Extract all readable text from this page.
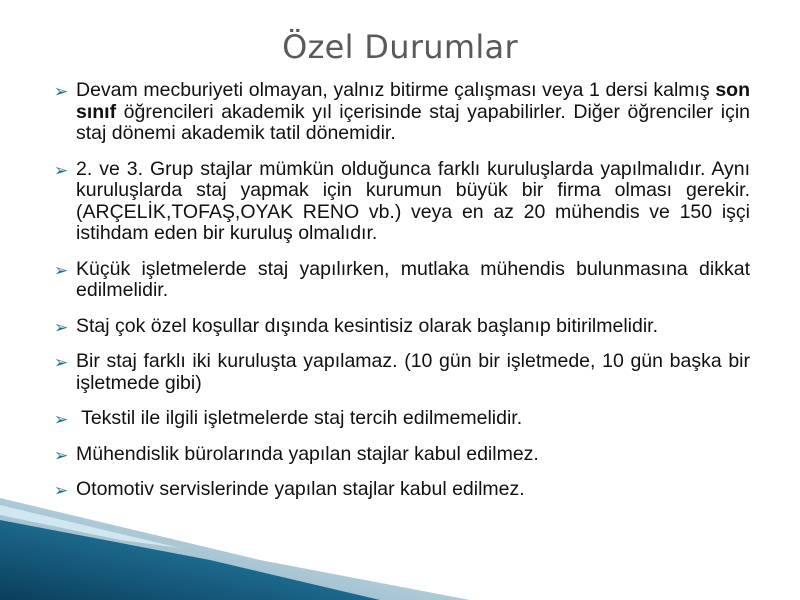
Özel Durumlar
➢ Devam mecburiyeti olmayan, yalnız bitirme çalışması veya 1 dersi kalmış son sınıf öğrencileri akademik yıl içerisinde staj yapabilirler. Diğer öğrenciler için staj dönemi akademik tatil dönemidir.
➢ 2. ve 3. Grup stajlar mümkün olduğunca farklı kuruluşlarda yapılmalıdır. Aynı kuruluşlarda staj yapmak için kurumun büyük bir firma olması gerekir. (ARÇELİK,TOFAŞ,OYAK RENO vb.) veya en az 20 mühendis ve 150 işçi istihdam eden bir kuruluş olmalıdır.
➢ Küçük işletmelerde staj yapılırken, mutlaka mühendis bulunmasına dikkat edilmelidir.
➢ Staj çok özel koşullar dışında kesintisiz olarak başlanıp bitirilmelidir.
➢ Bir staj farklı iki kuruluşta yapılamaz. (10 gün bir işletmede, 10 gün başka bir işletmede gibi)
➢ Tekstil ile ilgili işletmelerde staj tercih edilmemelidir.
➢ Mühendislik bürolarında yapılan stajlar kabul edilmez.
➢ Otomotiv servislerinde yapılan stajlar kabul edilmez.
